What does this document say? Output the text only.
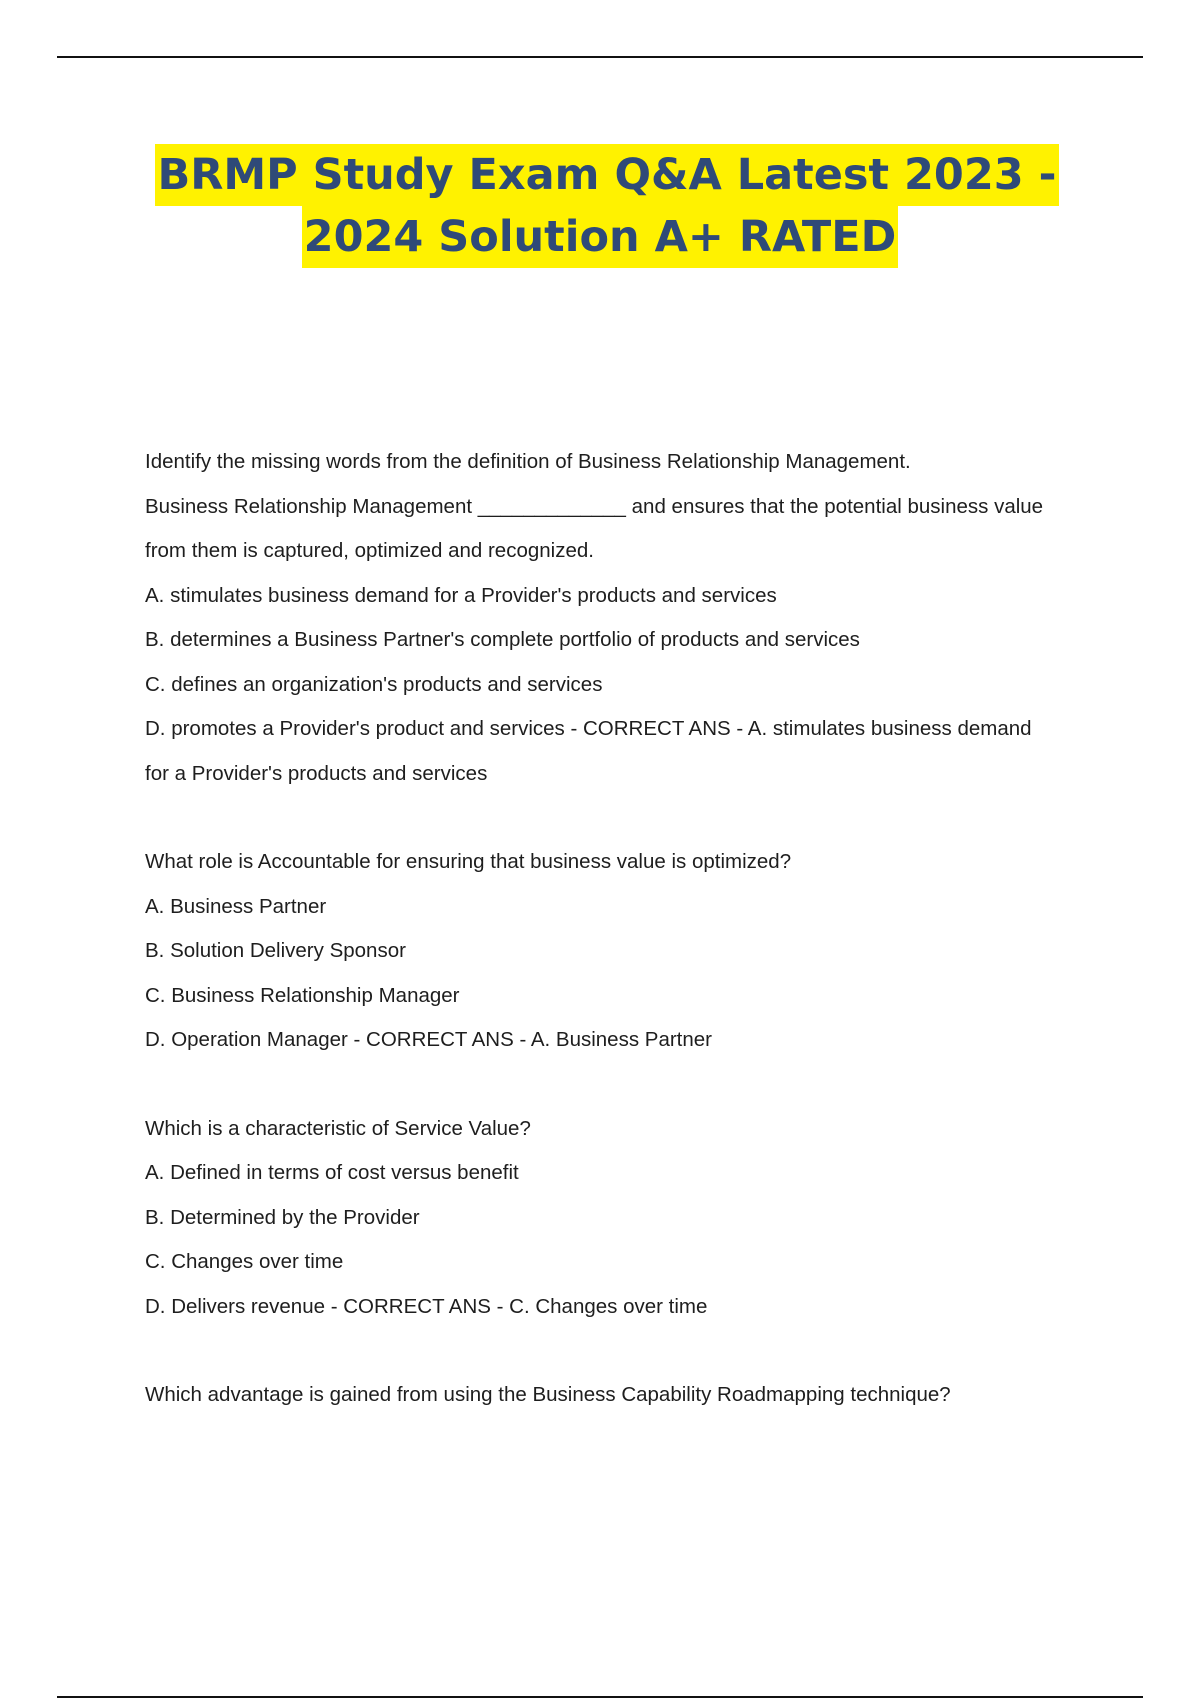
BRMP Study Exam Q&A Latest 2023 -
2024 Solution A+ RATED

Identify the missing words from the definition of Business Relationship Management.

Business Relationship Management _____________ and ensures that the potential business value

from them is captured, optimized and recognized.

A. stimulates business demand for a Provider's products and services

B. determines a Business Partner's complete portfolio of products and services

C. defines an organization's products and services

D. promotes a Provider's product and services - CORRECT ANS - A. stimulates business demand

for a Provider's products and services

What role is Accountable for ensuring that business value is optimized?

A. Business Partner

B. Solution Delivery Sponsor

C. Business Relationship Manager

D. Operation Manager - CORRECT ANS - A. Business Partner

Which is a characteristic of Service Value?

A. Defined in terms of cost versus benefit

B. Determined by the Provider

C. Changes over time

D. Delivers revenue - CORRECT ANS - C. Changes over time

Which advantage is gained from using the Business Capability Roadmapping technique?
